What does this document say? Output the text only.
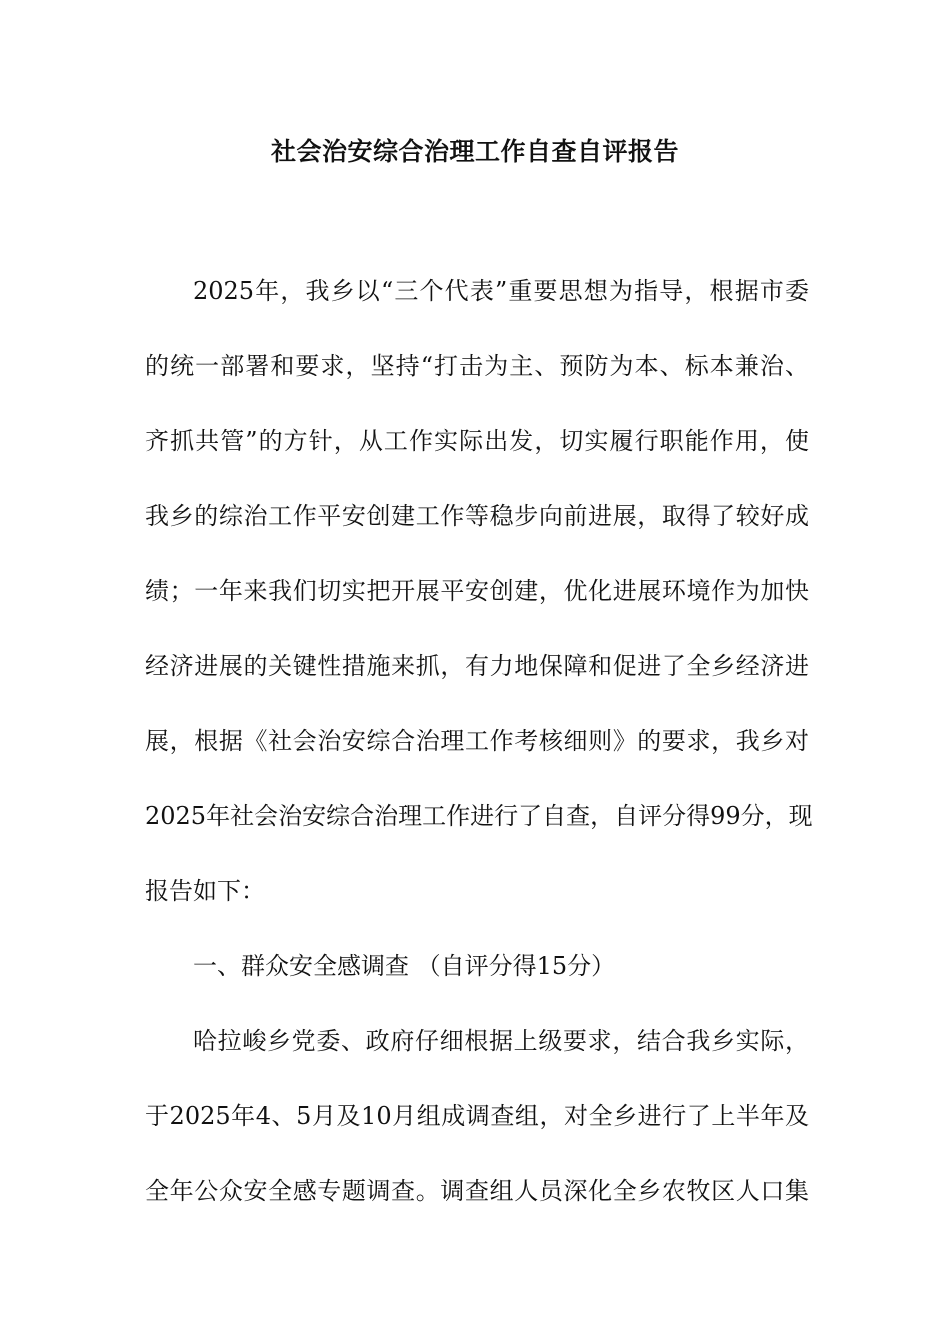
社会治安综合治理工作自查自评报告
2025年，我乡以“三个代表”重要思想为指导，根据市委
的统一部署和要求，坚持“打击为主、预防为本、标本兼治、
齐抓共管”的方针，从工作实际出发，切实履行职能作用，使
我乡的综治工作平安创建工作等稳步向前进展，取得了较好成
绩；一年来我们切实把开展平安创建，优化进展环境作为加快
经济进展的关键性措施来抓，有力地保障和促进了全乡经济进
展，根据《社会治安综合治理工作考核细则》的要求，我乡对
2025年社会治安综合治理工作进行了自查，自评分得99分，现
报告如下：
一、群众安全感调查 （自评分得15分）
哈拉峻乡党委、政府仔细根据上级要求，结合我乡实际，
于2025年4、5月及10月组成调查组，对全乡进行了上半年及
全年公众安全感专题调查。调查组人员深化全乡农牧区人口集
